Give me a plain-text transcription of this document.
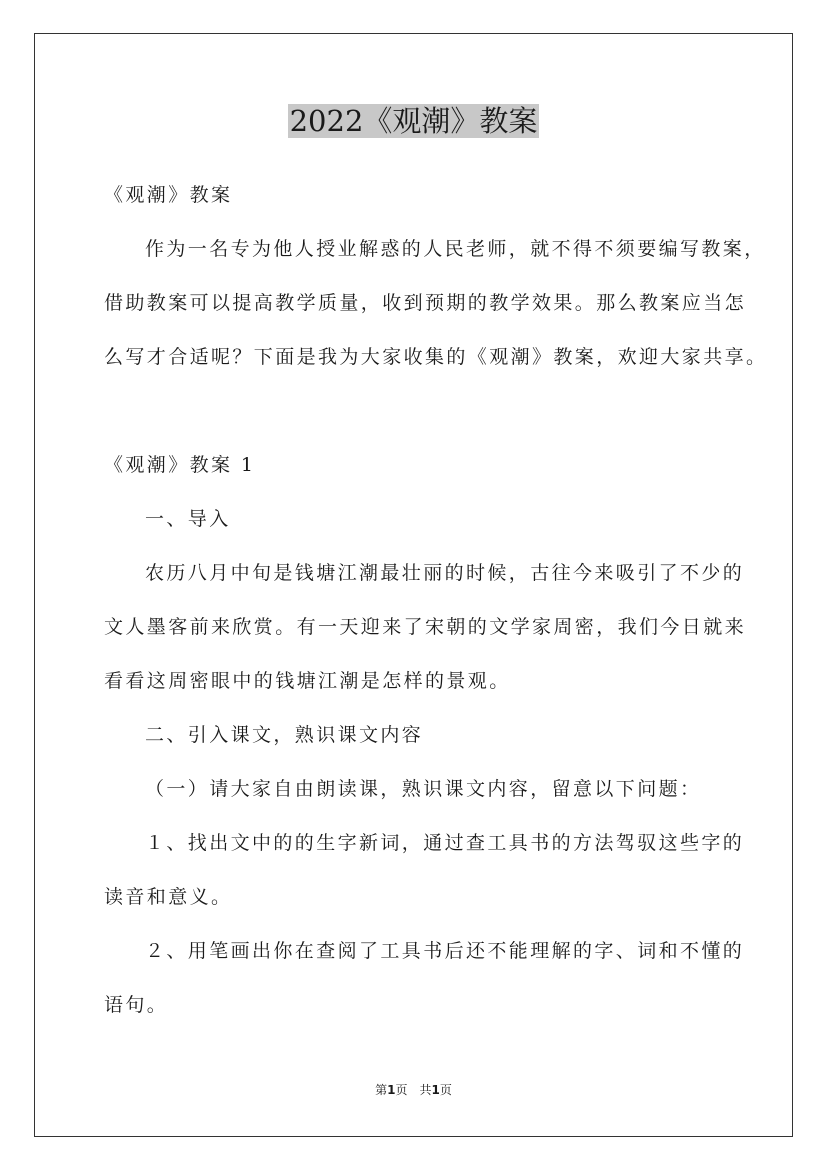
2022《观潮》教案
《观潮》教案
作为一名专为他人授业解惑的人民老师，就不得不须要编写教案，
借助教案可以提高教学质量，收到预期的教学效果。那么教案应当怎
么写才合适呢？下面是我为大家收集的《观潮》教案，欢迎大家共享。
《观潮》教案 1
一、导入
农历八月中旬是钱塘江潮最壮丽的时候，古往今来吸引了不少的
文人墨客前来欣赏。有一天迎来了宋朝的文学家周密，我们今日就来
看看这周密眼中的钱塘江潮是怎样的景观。
二、引入课文，熟识课文内容
（一）请大家自由朗读课，熟识课文内容，留意以下问题：
１、找出文中的的生字新词，通过查工具书的方法驾驭这些字的
读音和意义。
２、用笔画出你在查阅了工具书后还不能理解的字、词和不懂的
语句。
第1页　共1页
